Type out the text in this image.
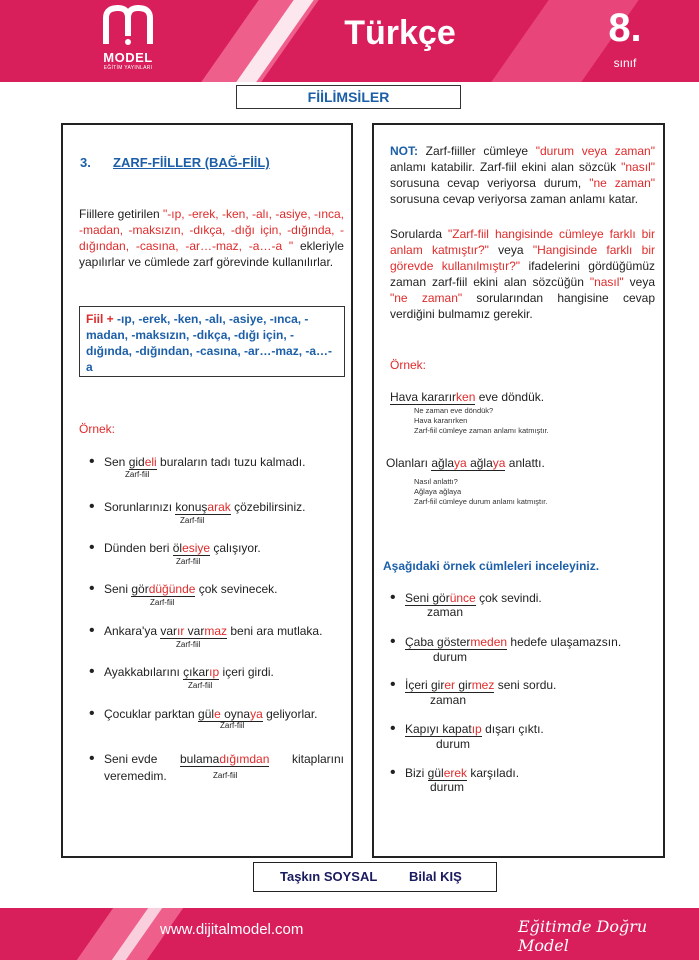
MODEL
EĞİTİM YAYINLARI
Türkçe	8.
sınıf
FİİLİMSİLER
3. ZARF-FİİLLER (BAĞ-FİİL)
Fiillere getirilen "-ıp, -erek, -ken, -alı, -asiye, -ınca, -madan, -maksızın, -dıkça, -dığı için, -dığında, -dığından, -casına, -ar…-maz, -a…-a " ekleriyle yapılırlar ve cümlede zarf görevinde kullanılırlar.
Fiil + -ıp, -erek, -ken, -alı, -asiye, -ınca, -madan, -maksızın, -dıkça, -dığı için, -dığında, -dığından, -casına, -ar…-maz, -a…-a
Örnek:
• Sen gideli buraların tadı tuzu kalmadı.
Zarf-fiil
• Sorunlarınızı konuşarak çözebilirsiniz.
Zarf-fiil
• Dünden beri ölesiye çalışıyor.
Zarf-fiil
• Seni gördüğünde çok sevinecek.
Zarf-fiil
• Ankara'ya varır varmaz beni ara mutlaka.
Zarf-fiil
• Ayakkabılarını çıkarıp içeri girdi.
Zarf-fiil
• Çocuklar parktan güle oynaya geliyorlar.
Zarf-fiil
• Seni evde bulamadığımdan kitaplarını
veremedim.	Zarf-fiil
NOT: Zarf-fiiller cümleye "durum veya zaman" anlamı katabilir. Zarf-fiil ekini alan sözcük "nasıl" sorusuna cevap veriyorsa durum, "ne zaman" sorusuna cevap veriyorsa zaman anlamı katar.
Sorularda "Zarf-fiil hangisinde cümleye farklı bir anlam katmıştır?" veya "Hangisinde farklı bir görevde kullanılmıştır?" ifadelerini gördüğümüz zaman zarf-fiil ekini alan sözcüğün "nasıl" veya "ne zaman" sorularından hangisine cevap verdiğini bulmamız gerekir.
Örnek:
Hava kararırken eve döndük.
Ne zaman eve döndük?
Hava kararırken
Zarf-fiil cümleye zaman anlamı katmıştır.
Olanları ağlaya ağlaya anlattı.
Nasıl anlattı?
Ağlaya ağlaya
Zarf-fiil cümleye durum anlamı katmıştır.
Aşağıdaki örnek cümleleri inceleyiniz.
• Seni görünce çok sevindi.
zaman
• Çaba göstermeden hedefe ulaşamazsın.
durum
• İçeri girer girmez seni sordu.
zaman
• Kapıyı kapatıp dışarı çıktı.
durum
• Bizi gülerek karşıladı.
durum
Taşkın SOYSAL Bilal KIŞ
www.dijitalmodel.com	Eğitimde Doğru Model
